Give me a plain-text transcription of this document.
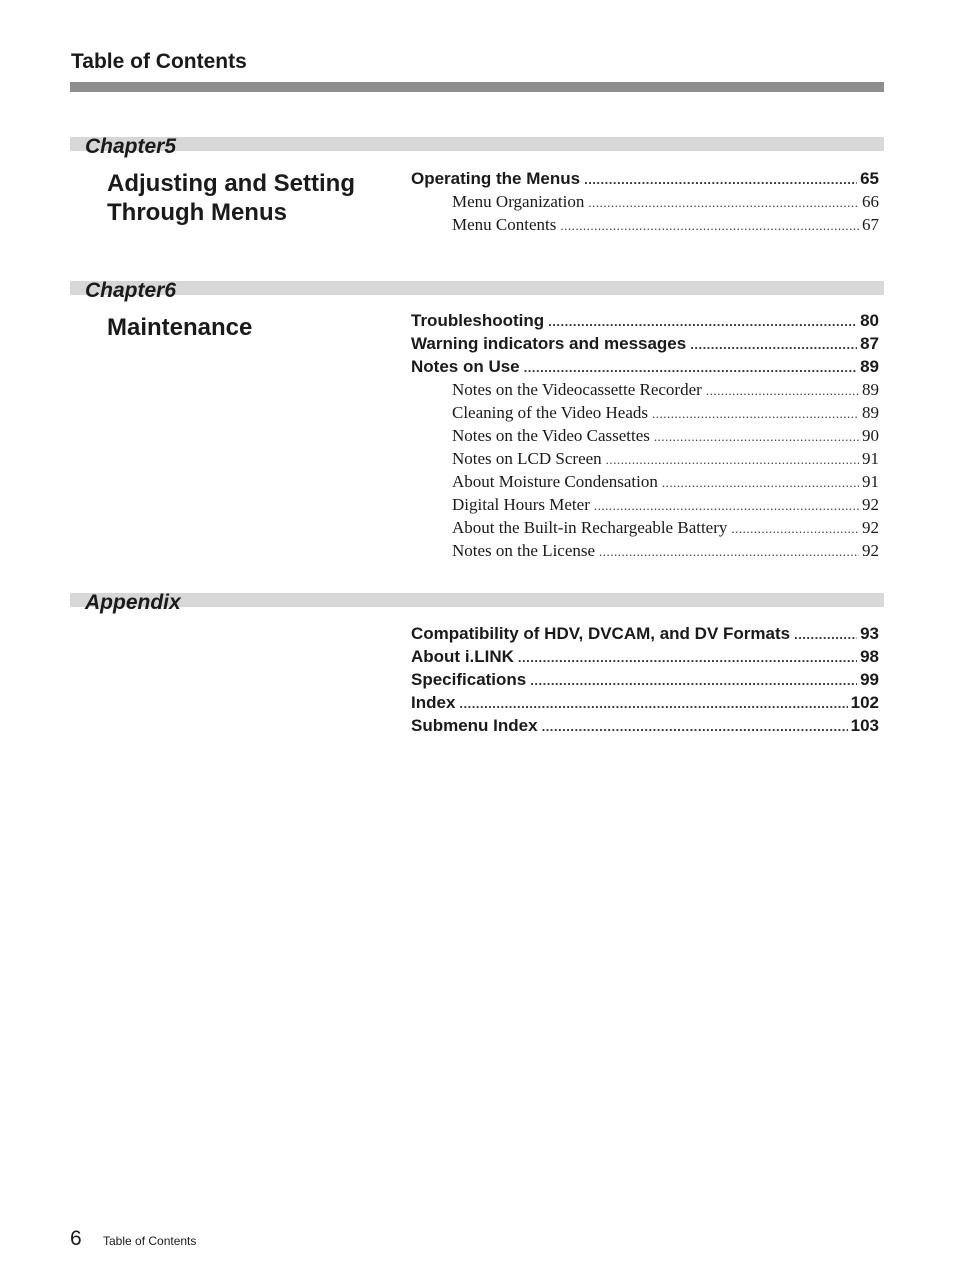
Table of Contents
Chapter5
Adjusting and Setting Through Menus
Operating the Menus .....	65
Menu Organization .....	66
Menu Contents .....	67
Chapter6
Maintenance	Troubleshooting .....	80
Warning indicators and messages .....	87
Notes on Use .....	89
Notes on the Videocassette Recorder .....	89
Cleaning of the Video Heads .....	89
Notes on the Video Cassettes .....	90
Notes on LCD Screen .....	91
About Moisture Condensation .....	91
Digital Hours Meter .....	92
About the Built-in Rechargeable Battery .....	92
Notes on the License .....	92
Appendix
Compatibility of HDV, DVCAM, and DV Formats .....	93
About i.LINK .....	98
Specifications .....	99
Index .....	102
Submenu Index .....	103
6 Table of Contents
